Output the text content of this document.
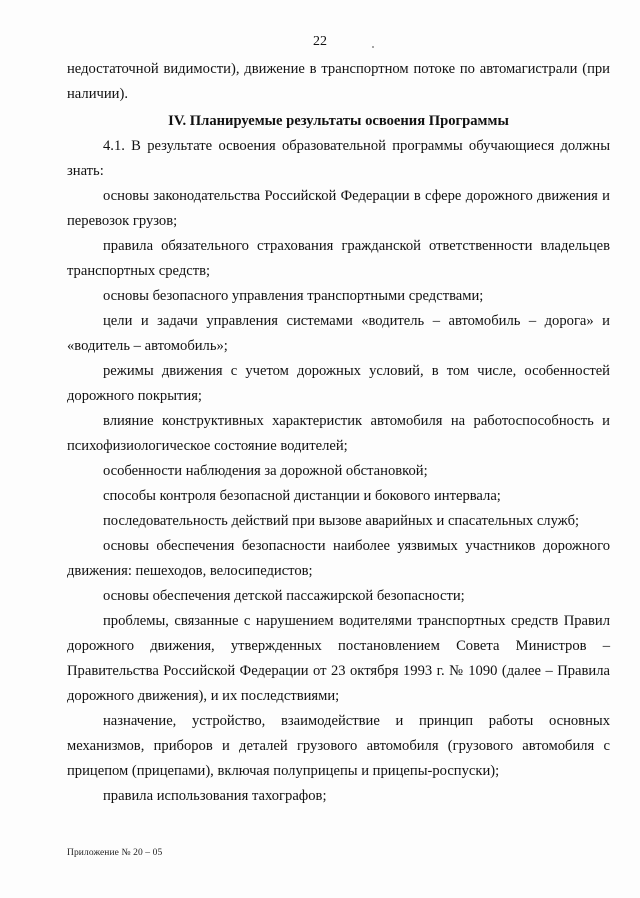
22

недостаточной видимости), движение в транспортном потоке по автомагистрали (при наличии).

IV. Планируемые результаты освоения Программы

4.1. В результате освоения образовательной программы обучающиеся должны знать:

основы законодательства Российской Федерации в сфере дорожного движения и перевозок грузов;

правила обязательного страхования гражданской ответственности владельцев транспортных средств;

основы безопасного управления транспортными средствами;

цели и задачи управления системами «водитель – автомобиль – дорога» и «водитель – автомобиль»;

режимы движения с учетом дорожных условий, в том числе, особенностей дорожного покрытия;

влияние конструктивных характеристик автомобиля на работоспособность и психофизиологическое состояние водителей;

особенности наблюдения за дорожной обстановкой;

способы контроля безопасной дистанции и бокового интервала;

последовательность действий при вызове аварийных и спасательных служб;

основы обеспечения безопасности наиболее уязвимых участников дорожного движения: пешеходов, велосипедистов;

основы обеспечения детской пассажирской безопасности;

проблемы, связанные с нарушением водителями транспортных средств Правил дорожного движения, утвержденных постановлением Совета Министров – Правительства Российской Федерации от 23 октября 1993 г. № 1090 (далее – Правила дорожного движения), и их последствиями;

назначение, устройство, взаимодействие и принцип работы основных механизмов, приборов и деталей грузового автомобиля (грузового автомобиля с прицепом (прицепами), включая полуприцепы и прицепы-роспуски);

правила использования тахографов;

Приложение № 20 – 05
